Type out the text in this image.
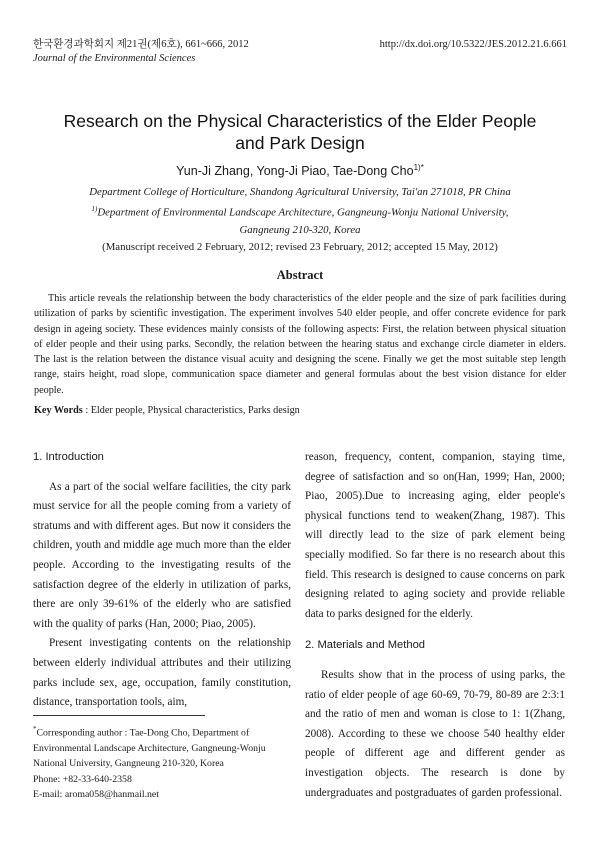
한국환경과학회지 제21권(제6호), 661~666, 2012
Journal of the Environmental Sciences
http://dx.doi.org/10.5322/JES.2012.21.6.661
Research on the Physical Characteristics of the Elder People
and Park Design
Yun-Ji Zhang, Yong-Ji Piao, Tae-Dong Cho$^{1)*}$
Department College of Horticulture, Shandong Agricultural University, Tai'an 271018, PR China
$^{1)}$Department of Environmental Landscape Architecture, Gangneung-Wonju National University,
Gangneung 210-320, Korea
(Manuscript received 2 February, 2012; revised 23 February, 2012; accepted 15 May, 2012)
Abstract
This article reveals the relationship between the body characteristics of the elder people and the size of park facilities during utilization of parks by scientific investigation. The experiment involves 540 elder people, and offer concrete evidence for park design in ageing society. These evidences mainly consists of the following aspects: First, the relation between physical situation of elder people and their using parks. Secondly, the relation between the hearing status and exchange circle diameter in elders. The last is the relation between the distance visual acuity and designing the scene. Finally we get the most suitable step length range, stairs height, road slope, communication space diameter and general formulas about the best vision distance for elder people.
Key Words : Elder people, Physical characteristics, Parks design
1. Introduction

As a part of the social welfare facilities, the city park must service for all the people coming from a variety of stratums and with different ages. But now it considers the children, youth and middle age much more than the elder people. According to the investigating results of the satisfaction degree of the elderly in utilization of parks, there are only 39-61% of the elderly who are satisfied with the quality of parks (Han, 2000; Piao, 2005).

Present investigating contents on the relationship between elderly individual attributes and their utilizing parks include sex, age, occupation, family constitution, distance, transportation tools, aim,

reason, frequency, content, companion, staying time, degree of satisfaction and so on(Han, 1999; Han, 2000; Piao, 2005).Due to increasing aging, elder people's physical functions tend to weaken(Zhang, 1987). This will directly lead to the size of park element being specially modified. So far there is no research about this field. This research is designed to cause concerns on park designing related to aging society and provide reliable data to parks designed for the elderly.

2. Materials and Method

Results show that in the process of using parks, the ratio of elder people of age 60-69, 70-79, 80-89 are 2:3:1 and the ratio of men and woman is close to 1: 1(Zhang, 2008). According to these we choose 540 healthy elder people of different age and different gender as investigation objects. The research is done by undergraduates and postgraduates of garden professional.

*Corresponding author : Tae-Dong Cho, Department of
Environmental Landscape Architecture, Gangneung-Wonju
National University, Gangneung 210-320, Korea
Phone: +82-33-640-2358
E-mail: aroma058@hanmail.net
